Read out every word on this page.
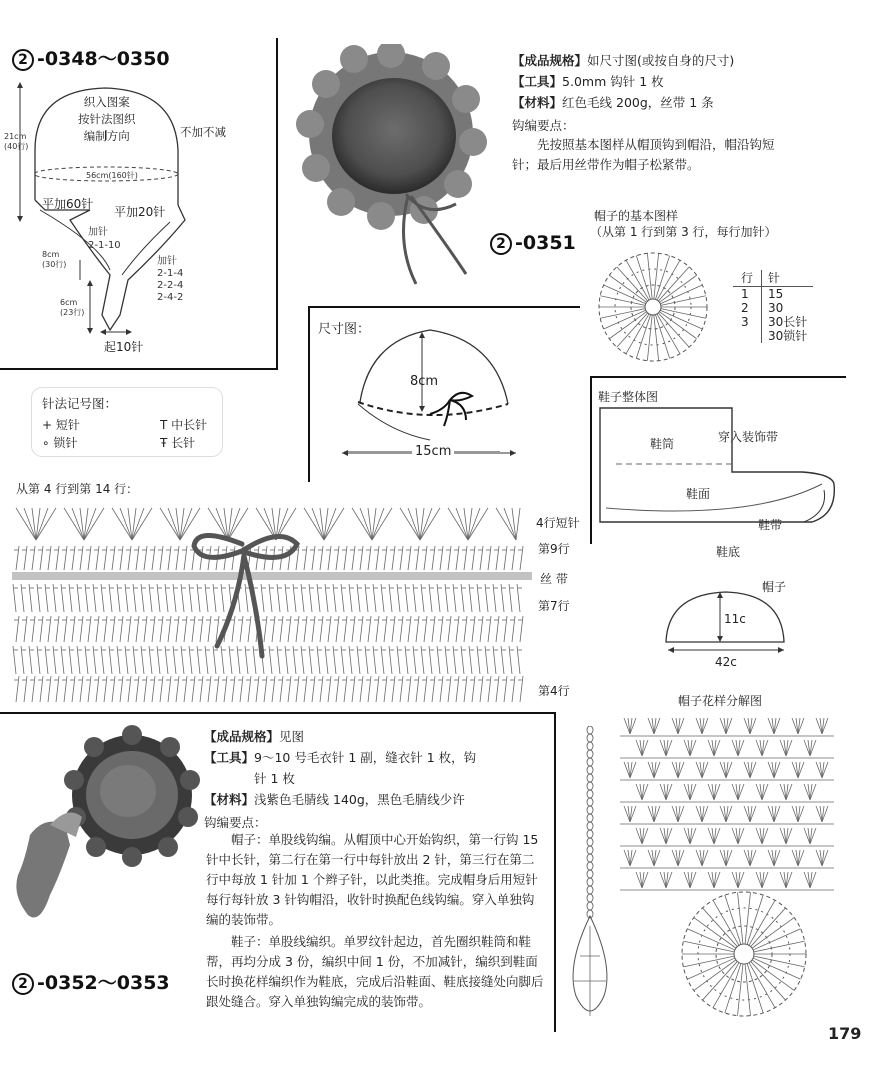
2 -0348～0350
织入图案
按针法图织
编制方向	不加不减
21cm
(40行)
56cm(160针)
平加60针
平加20针
加针
2-1-10
8cm
(30行)	加针
2-1-4
2-2-4
2-4-2
6cm
(23行)
起10针

【成品规格】如尺寸图(或按自身的尺寸)

【工具】5.0mm 钩针 1 枚

【材料】红色毛线 200g，丝带 1 条

钩编要点：

先按照基本图样从帽顶钩到帽沿，帽沿钩短针；最后用丝带作为帽子松紧带。
2 -0351
帽子的基本图样
（从第 1 行到第 3 行，每行加针）
行	针
1	15
2	30
3	30长针
	30锁针
尺寸图：
8cm
15cm
针法记号图：
+ 短针
∘ 锁针
T 中长针
Ŧ 长针
从第 4 行到第 14 行：
4行短针
第9行
丝 带
第7行
第4行
鞋子整体图
鞋筒	穿入装饰带
鞋面
鞋带
鞋底
帽子
11c
42c
帽子花样分解图

【成品规格】见图

【工具】9～10 号毛衣针 1 副，缝衣针 1 枚，钩

针 1 枚

【材料】浅紫色毛腈线 140g，黑色毛腈线少许

钩编要点：

帽子：单股线钩编。从帽顶中心开始钩织，第一行钩 15 针中长针，第二行在第一行中每针放出 2 针，第三行在第二行中每放 1 针加 1 个辫子针，以此类推。完成帽身后用短针每行每针放 3 针钩帽沿，收针时换配色线钩编。穿入单独钩编的装饰带。
鞋子：单股线编织。单罗纹针起边，首先圈织鞋筒和鞋帮，再均分成 3 份，编织中间 1 份，不加减针，编织到鞋面长时换花样编织作为鞋底，完成后沿鞋面、鞋底接缝处向脚后跟处缝合。穿入单独钩编完成的装饰带。
2 -0352～0353
179
